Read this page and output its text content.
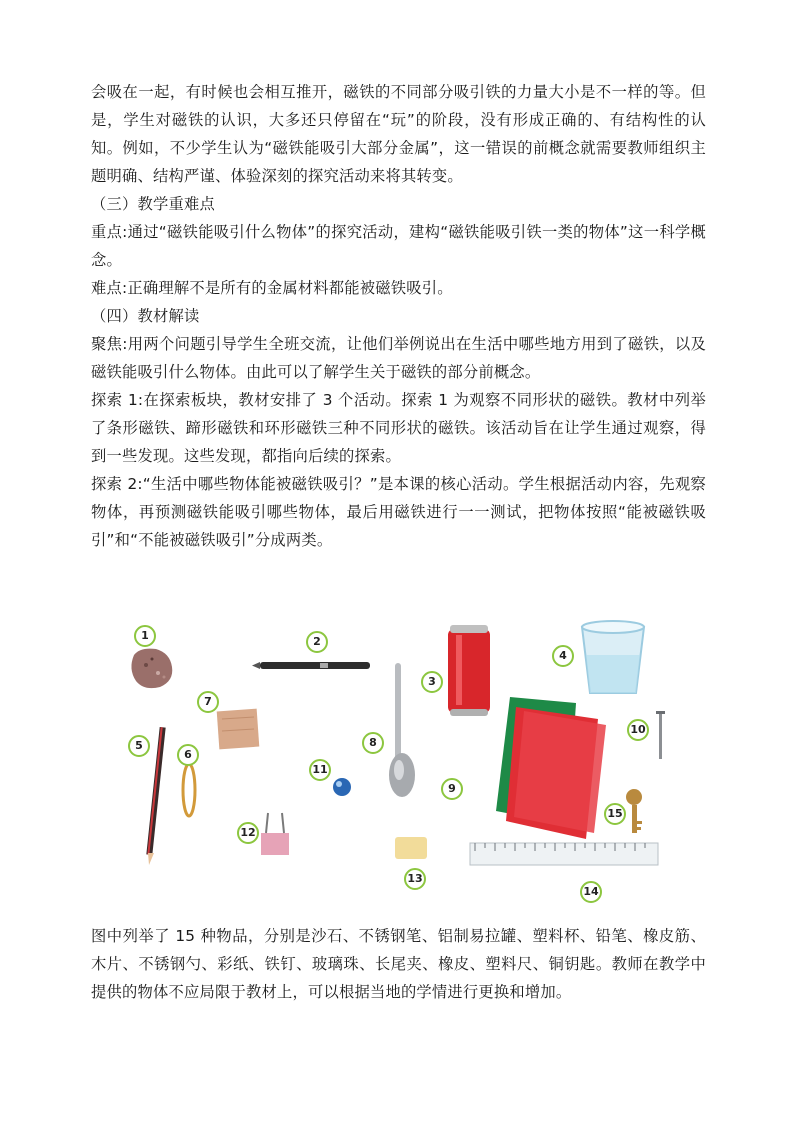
会吸在一起，有时候也会相互推开，磁铁的不同部分吸引铁的力量大小是不一样的等。但是，学生对磁铁的认识，大多还只停留在“玩”的阶段，没有形成正确的、有结构性的认知。例如，不少学生认为“磁铁能吸引大部分金属”，这一错误的前概念就需要教师组织主题明确、结构严谨、体验深刻的探究活动来将其转变。

（三）教学重难点

重点:通过“磁铁能吸引什么物体”的探究活动，建构“磁铁能吸引铁一类的物体”这一科学概念。

难点:正确理解不是所有的金属材料都能被磁铁吸引。

（四）教材解读

聚焦:用两个问题引导学生全班交流，让他们举例说出在生活中哪些地方用到了磁铁，以及磁铁能吸引什么物体。由此可以了解学生关于磁铁的部分前概念。

探索 1:在探索板块，教材安排了 3 个活动。探索 1 为观察不同形状的磁铁。教材中列举了条形磁铁、蹄形磁铁和环形磁铁三种不同形状的磁铁。该活动旨在让学生通过观察，得到一些发现。这些发现，都指向后续的探索。

探索 2:“生活中哪些物体能被磁铁吸引？”是本课的核心活动。学生根据活动内容，先观察物体，再预测磁铁能吸引哪些物体，最后用磁铁进行一一测试，把物体按照“能被磁铁吸引”和“不能被磁铁吸引”分成两类。

1	2
3
4
5
6
7
8
9
10
11
12
13
14
15

图中列举了 15 种物品，分别是沙石、不锈钢笔、铝制易拉罐、塑料杯、铅笔、橡皮筋、木片、不锈钢勺、彩纸、铁钉、玻璃珠、长尾夹、橡皮、塑料尺、铜钥匙。教师在教学中提供的物体不应局限于教材上，可以根据当地的学情进行更换和增加。
